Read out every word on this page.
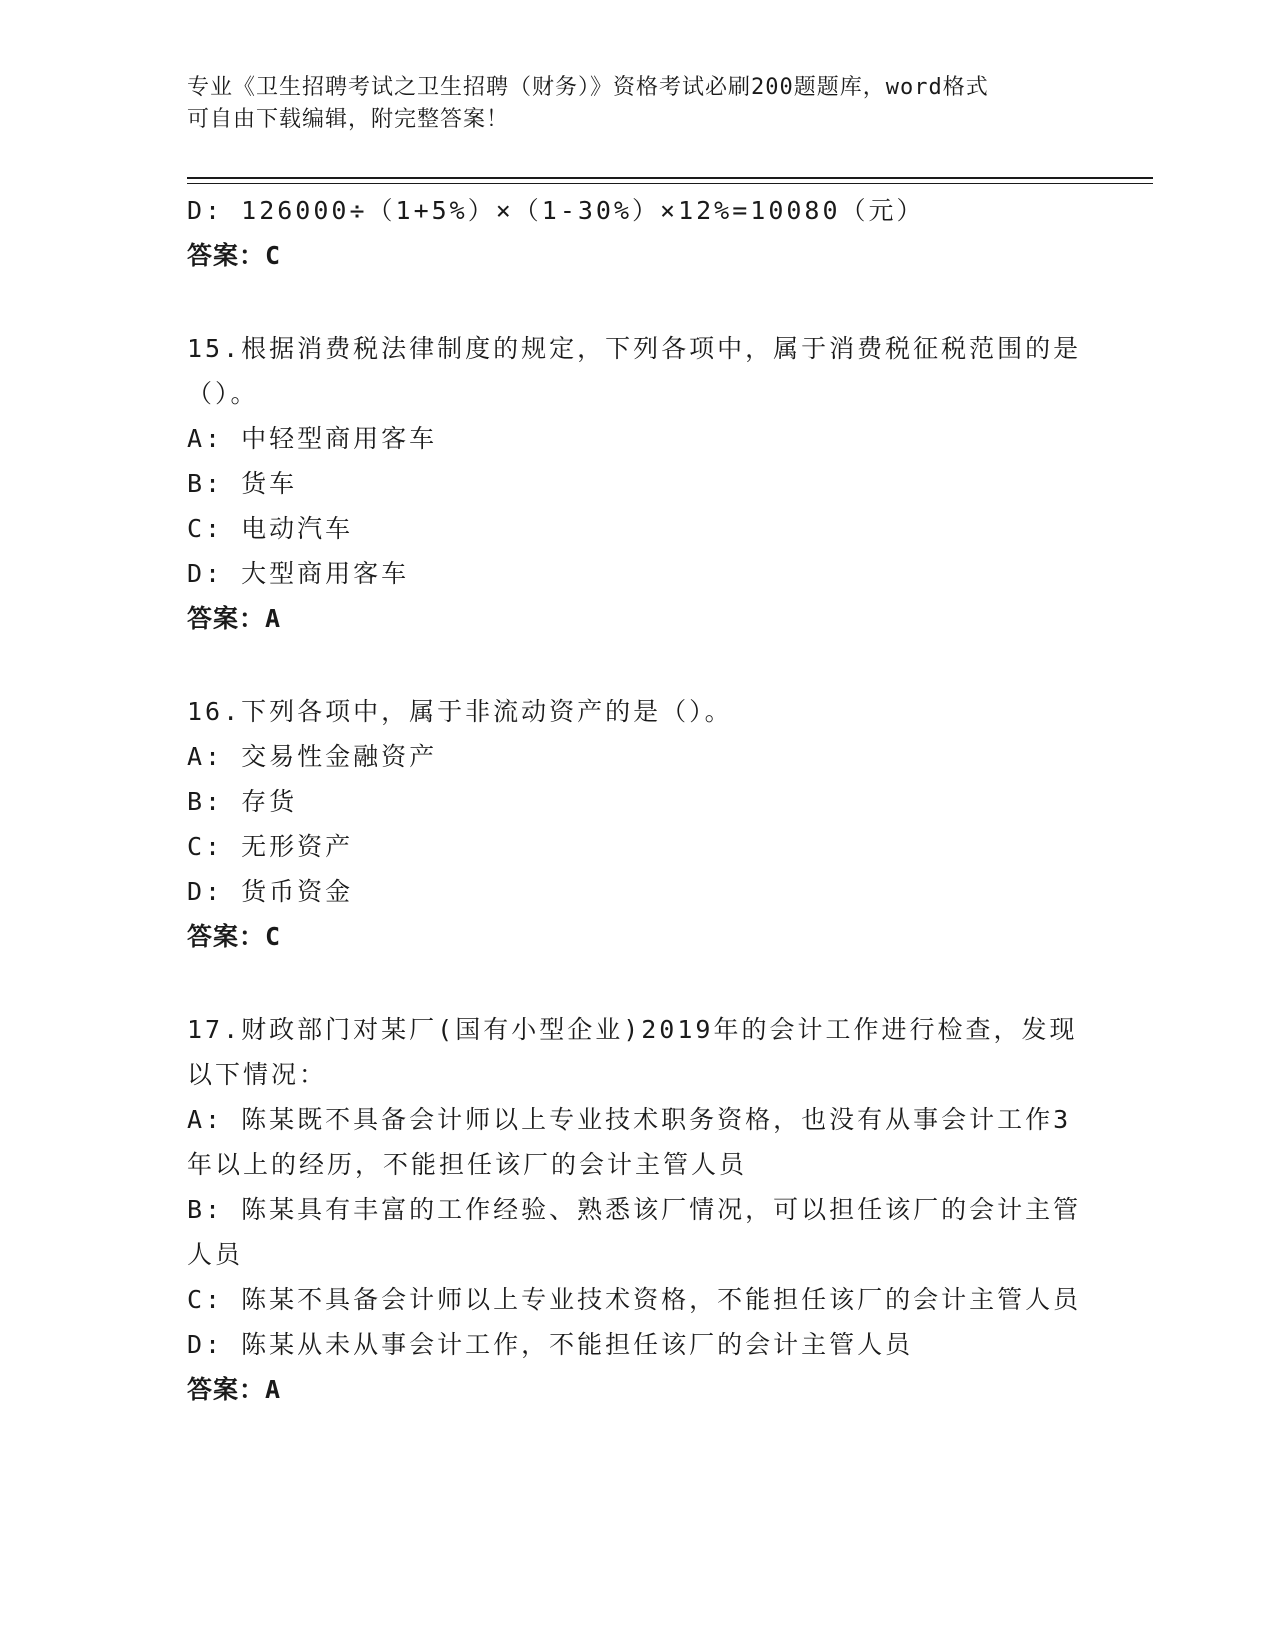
专业《卫生招聘考试之卫生招聘（财务）》资格考试必刷200题题库，word格式
可自由下载编辑，附完整答案！
D: 126000÷（1+5%）×（1-30%）×12%=10080（元）
答案：C
15.根据消费税法律制度的规定，下列各项中，属于消费税征税范围的是（）。
A: 中轻型商用客车
B: 货车
C: 电动汽车
D: 大型商用客车
答案：A
16.下列各项中，属于非流动资产的是（）。
A: 交易性金融资产
B: 存货
C: 无形资产
D: 货币资金
答案：C
17.财政部门对某厂(国有小型企业)2019年的会计工作进行检查，发现以下情况：
A: 陈某既不具备会计师以上专业技术职务资格，也没有从事会计工作3年以上的经历，不能担任该厂的会计主管人员
B: 陈某具有丰富的工作经验、熟悉该厂情况，可以担任该厂的会计主管人员
C: 陈某不具备会计师以上专业技术资格，不能担任该厂的会计主管人员
D: 陈某从未从事会计工作，不能担任该厂的会计主管人员
答案：A
